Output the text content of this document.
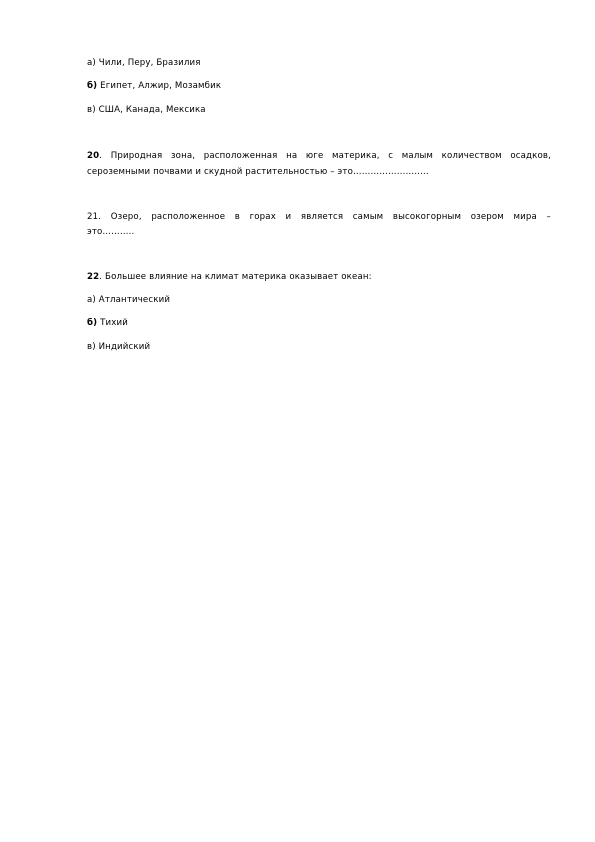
а) Чили, Перу, Бразилия
б) Египет, Алжир, Мозамбик
в) США, Канада, Мексика
20. Природная зона, расположенная на юге материка, с малым количеством осадков,
сероземными почвами и скудной растительностью – это……………………..
21. Озеро, расположенное в горах и является самым высокогорным озером мира –
это………..
22. Большее влияние на климат материка оказывает океан:
а) Атлантический
б) Тихий
в) Индийский
